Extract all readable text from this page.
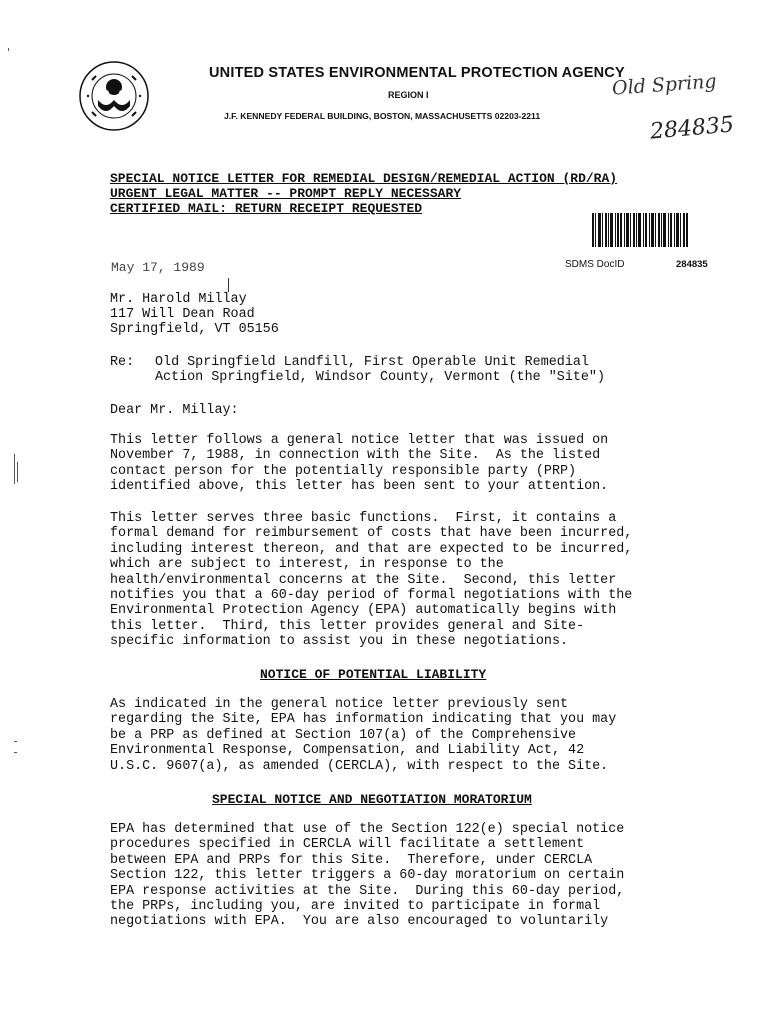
UNITED STATES ENVIRONMENTAL PROTECTION AGENCY
REGION I
J.F. KENNEDY FEDERAL BUILDING, BOSTON, MASSACHUSETTS 02203-2211
Old Spring
284835
SPECIAL NOTICE LETTER FOR REMEDIAL DESIGN/REMEDIAL ACTION (RD/RA)
URGENT LEGAL MATTER -- PROMPT REPLY NECESSARY
CERTIFIED MAIL: RETURN RECEIPT REQUESTED
SDMS DocID	284835
May 17, 1989
Mr. Harold Millay
117 Will Dean Road
Springfield, VT 05156
Re:	Old Springfield Landfill, First Operable Unit Remedial
Action Springfield, Windsor County, Vermont (the "Site")
Dear Mr. Millay:
This letter follows a general notice letter that was issued on
November 7, 1988, in connection with the Site.  As the listed
contact person for the potentially responsible party (PRP)
identified above, this letter has been sent to your attention.
This letter serves three basic functions.  First, it contains a
formal demand for reimbursement of costs that have been incurred,
including interest thereon, and that are expected to be incurred,
which are subject to interest, in response to the
health/environmental concerns at the Site.  Second, this letter
notifies you that a 60-day period of formal negotiations with the
Environmental Protection Agency (EPA) automatically begins with
this letter.  Third, this letter provides general and Site-
specific information to assist you in these negotiations.
NOTICE OF POTENTIAL LIABILITY
As indicated in the general notice letter previously sent
regarding the Site, EPA has information indicating that you may
be a PRP as defined at Section 107(a) of the Comprehensive
Environmental Response, Compensation, and Liability Act, 42
U.S.C. 9607(a), as amended (CERCLA), with respect to the Site.
SPECIAL NOTICE AND NEGOTIATION MORATORIUM
EPA has determined that use of the Section 122(e) special notice
procedures specified in CERCLA will facilitate a settlement
between EPA and PRPs for this Site.  Therefore, under CERCLA
Section 122, this letter triggers a 60-day moratorium on certain
EPA response activities at the Site.  During this 60-day period,
the PRPs, including you, are invited to participate in formal
negotiations with EPA.  You are also encouraged to voluntarily
